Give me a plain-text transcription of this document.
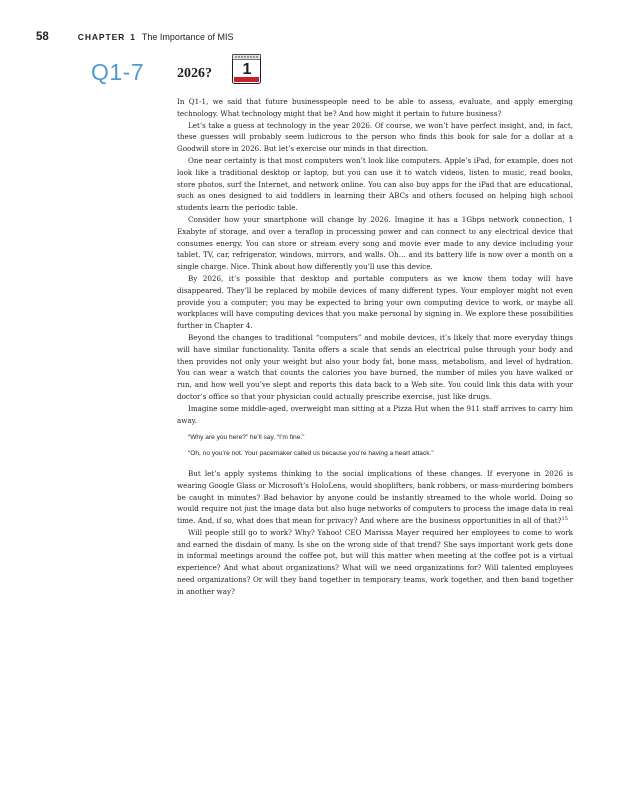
58	CHAPTER 1 The Importance of MIS
Q1-7 2026? 1

In Q1-1, we said that future businesspeople need to be able to assess, evaluate, and apply emerging technology. What technology might that be? And how might it pertain to future business?

Let’s take a guess at technology in the year 2026. Of course, we won’t have perfect insight, and, in fact, these guesses will probably seem ludicrous to the person who finds this book for sale for a dollar at a Goodwill store in 2026. But let’s exercise our minds in that direction.

One near certainty is that most computers won’t look like computers. Apple’s iPad, for example, does not look like a traditional desktop or laptop, but you can use it to watch videos, listen to music, read books, store photos, surf the Internet, and network online. You can also buy apps for the iPad that are educational, such as ones designed to aid toddlers in learning their ABCs and others focused on helping high school students learn the periodic table.

Consider how your smartphone will change by 2026. Imagine it has a 1Gbps network connection, 1 Exabyte of storage, and over a teraflop in processing power and can connect to any electrical device that consumes energy. You can store or stream every song and movie ever made to any device including your tablet, TV, car, refrigerator, windows, mirrors, and walls. Oh… and its battery life is now over a month on a single charge. Nice. Think about how differently you’ll use this device.

By 2026, it’s possible that desktop and portable computers as we know them today will have disappeared. They’ll be replaced by mobile devices of many different types. Your employer might not even provide you a computer; you may be expected to bring your own computing device to work, or maybe all workplaces will have computing devices that you make personal by signing in. We explore these possibilities further in Chapter 4.

Beyond the changes to traditional “computers” and mobile devices, it’s likely that more everyday things will have similar functionality. Tanita offers a scale that sends an electrical pulse through your body and then provides not only your weight but also your body fat, bone mass, metabolism, and level of hydration. You can wear a watch that counts the calories you have burned, the number of miles you have walked or run, and how well you’ve slept and reports this data back to a Web site. You could link this data with your doctor’s office so that your physician could actually prescribe exercise, just like drugs.

Imagine some middle-aged, overweight man sitting at a Pizza Hut when the 911 staff arrives to carry him away.

“Why are you here?” he’ll say. “I’m fine.”

“Oh, no you’re not. Your pacemaker called us because you’re having a heart attack.”

But let’s apply systems thinking to the social implications of these changes. If everyone in 2026 is wearing Google Glass or Microsoft’s HoloLens, would shoplifters, bank robbers, or mass-murdering bombers be caught in minutes? Bad behavior by anyone could be instantly streamed to the whole world. Doing so would require not just the image data but also huge networks of computers to process the image data in real time. And, if so, what does that mean for privacy? And where are the business opportunities in all of that?$^{15}$

Will people still go to work? Why? Yahoo! CEO Marissa Mayer required her employees to come to work and earned the disdain of many. Is she on the wrong side of that trend? She says important work gets done in informal meetings around the coffee pot, but will this matter when meeting at the coffee pot is a virtual experience? And what about organizations? What will we need organizations for? Will talented employees need organizations? Or will they band together in temporary teams, work together, and then band together in another way?
